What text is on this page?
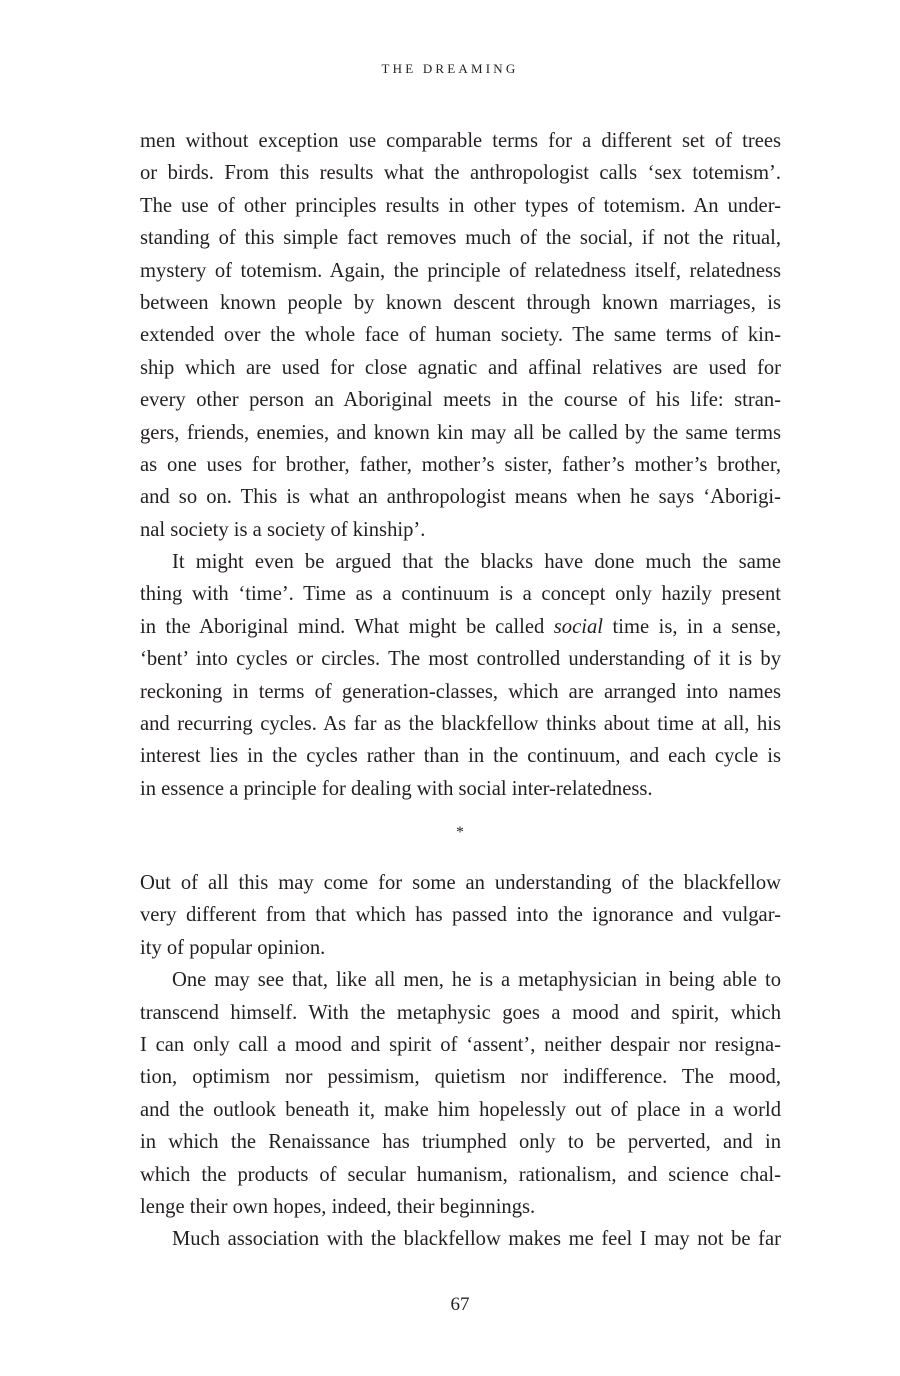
THE DREAMING
men without exception use comparable terms for a different set of trees
or birds. From this results what the anthropologist calls ‘sex totemism’.
The use of other principles results in other types of totemism. An under-
standing of this simple fact removes much of the social, if not the ritual,
mystery of totemism. Again, the principle of relatedness itself, relatedness
between known people by known descent through known marriages, is
extended over the whole face of human society. The same terms of kin-
ship which are used for close agnatic and affinal relatives are used for
every other person an Aboriginal meets in the course of his life: stran-
gers, friends, enemies, and known kin may all be called by the same terms
as one uses for brother, father, mother’s sister, father’s mother’s brother,
and so on. This is what an anthropologist means when he says ‘Aborigi-
nal society is a society of kinship’.
It might even be argued that the blacks have done much the same
thing with ‘time’. Time as a continuum is a concept only hazily present
in the Aboriginal mind. What might be called social time is, in a sense,
‘bent’ into cycles or circles. The most controlled understanding of it is by
reckoning in terms of generation-classes, which are arranged into names
and recurring cycles. As far as the blackfellow thinks about time at all, his
interest lies in the cycles rather than in the continuum, and each cycle is
in essence a principle for dealing with social inter-relatedness.
*
Out of all this may come for some an understanding of the blackfellow
very different from that which has passed into the ignorance and vulgar-
ity of popular opinion.
One may see that, like all men, he is a metaphysician in being able to
transcend himself. With the metaphysic goes a mood and spirit, which
I can only call a mood and spirit of ‘assent’, neither despair nor resigna-
tion, optimism nor pessimism, quietism nor indifference. The mood,
and the outlook beneath it, make him hopelessly out of place in a world
in which the Renaissance has triumphed only to be perverted, and in
which the products of secular humanism, rationalism, and science chal-
lenge their own hopes, indeed, their beginnings.
Much association with the blackfellow makes me feel I may not be far
67
